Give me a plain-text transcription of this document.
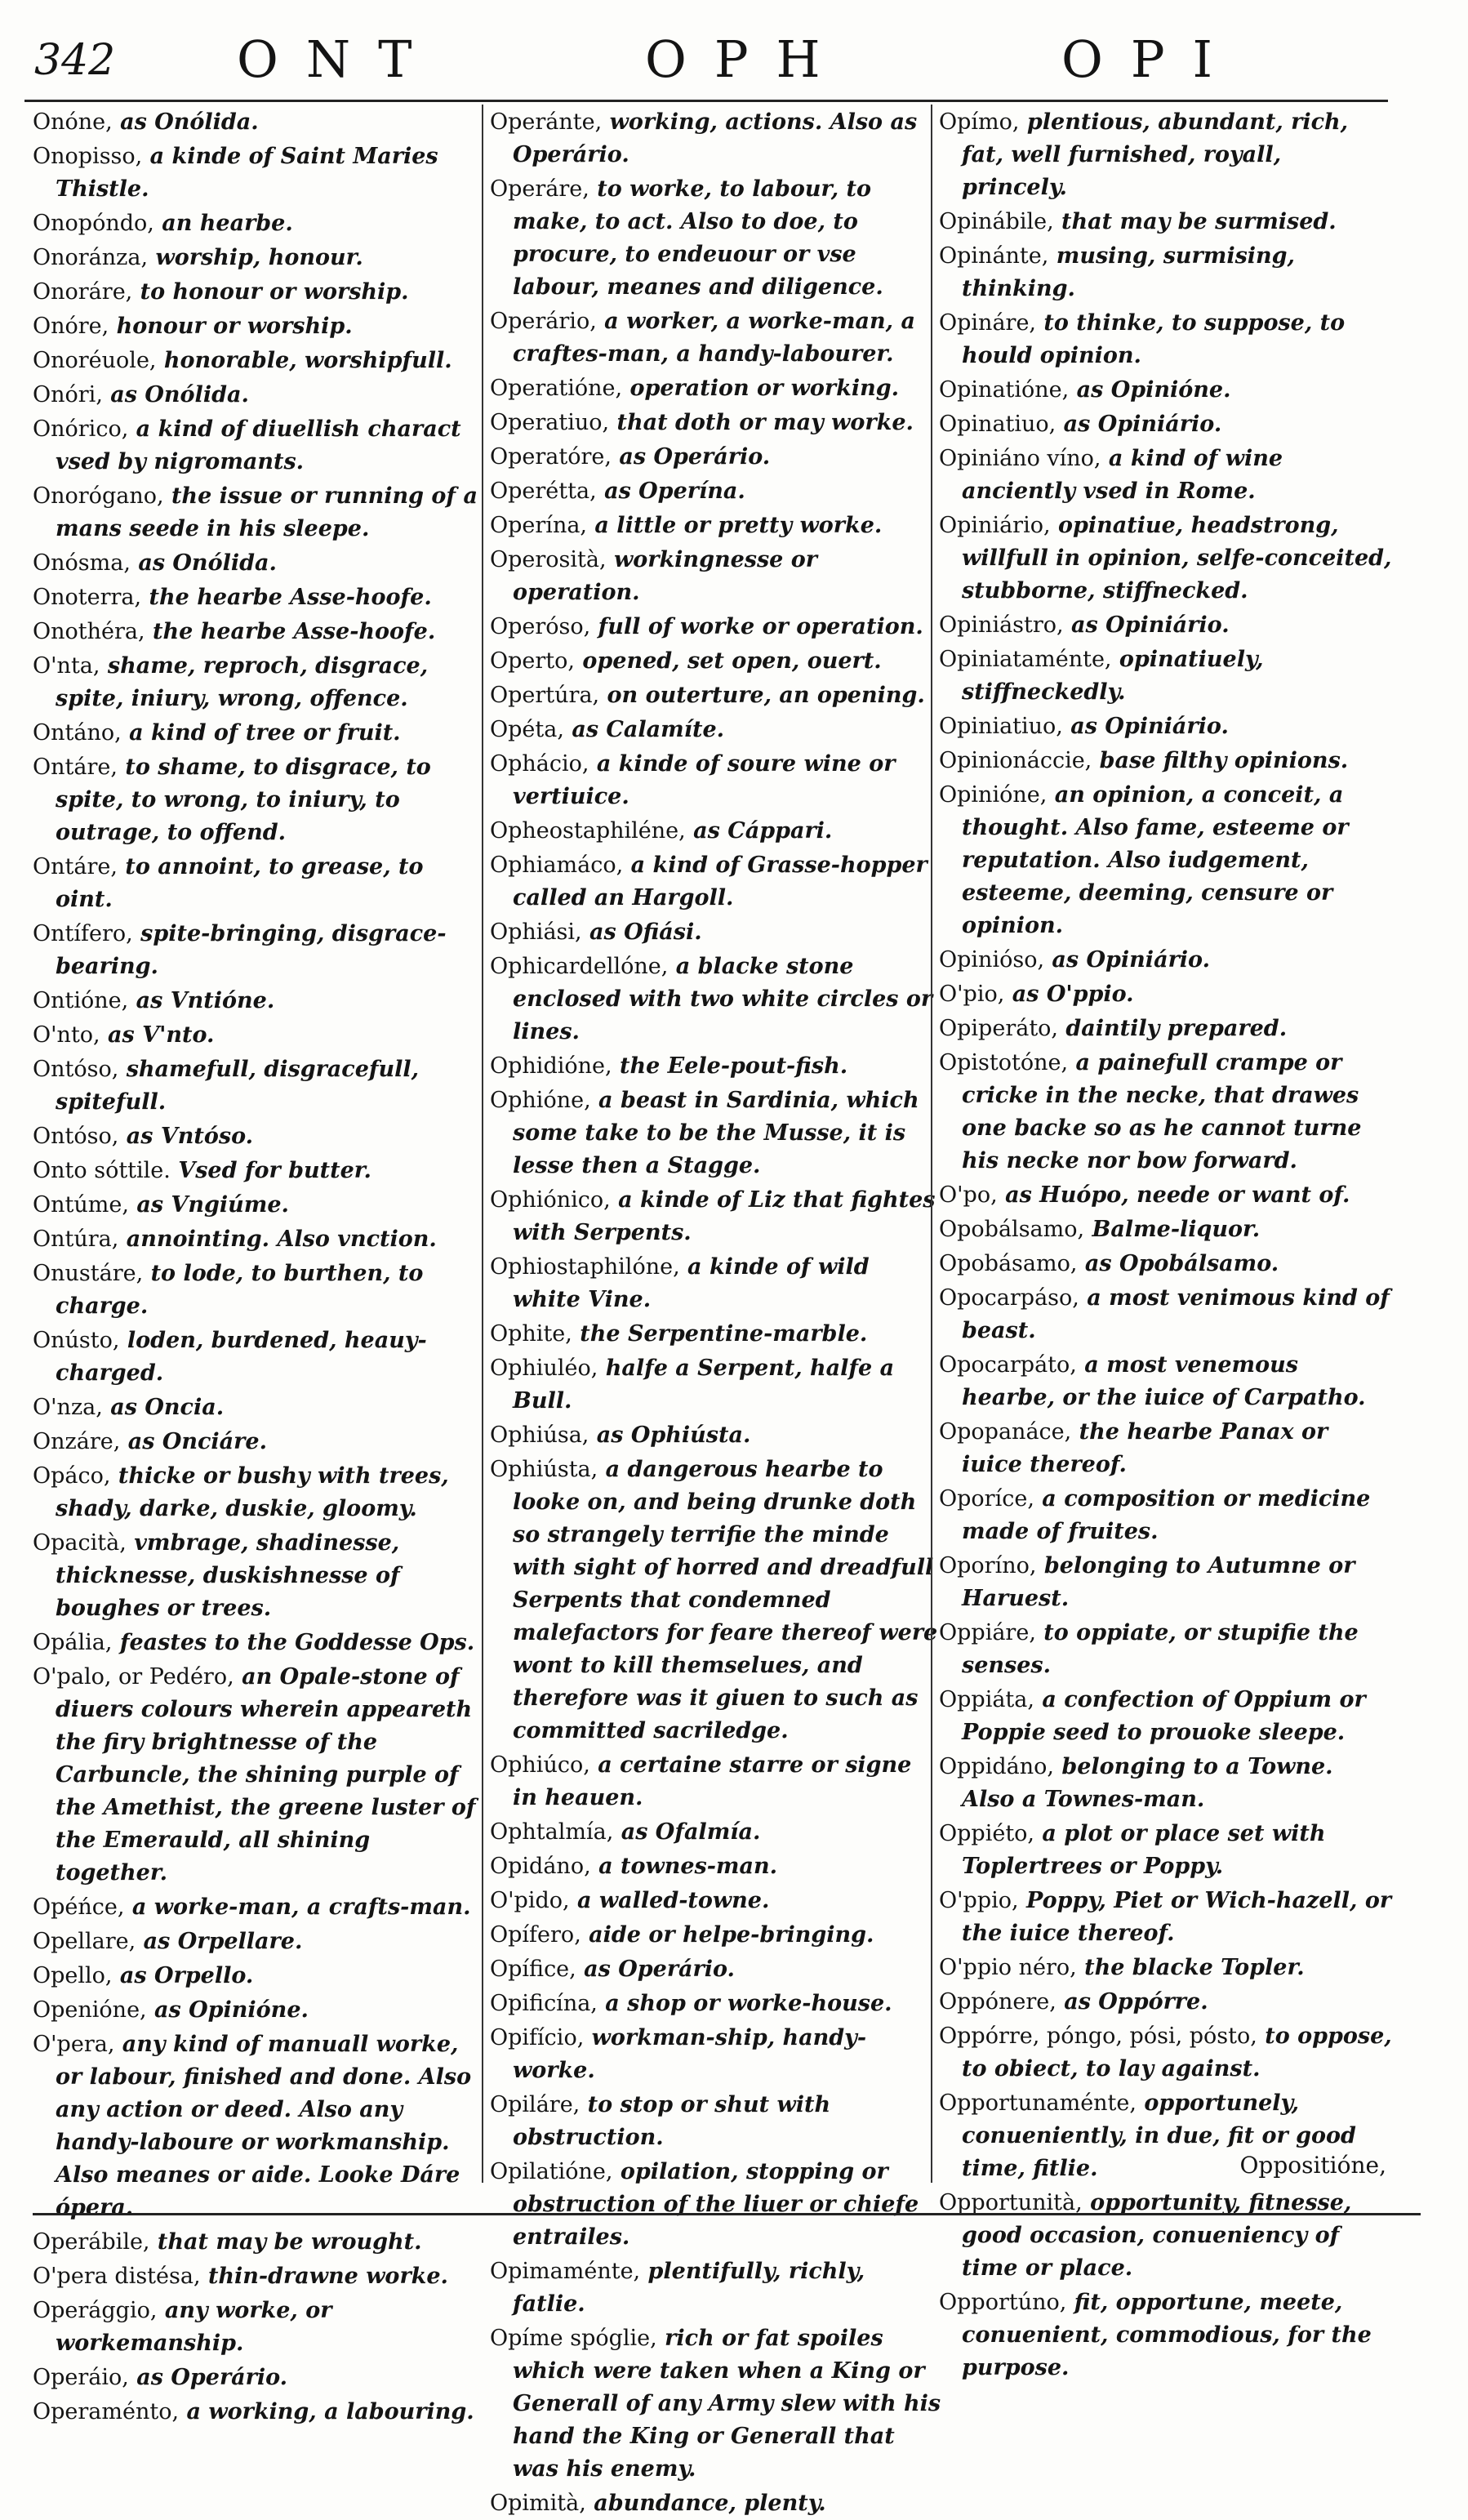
342 ONT	OPH	OPI
Onóne, as Onólida.
Onopisso, a kinde of Saint Maries Thistle.
Onopóndo, an hearbe.
Onoránza, worship, honour.
Onoráre, to honour or worship.
Onóre, honour or worship.
Onoréuole, honorable, worshipfull.
Onóri, as Onólida.
Onórico, a kind of diuellish charact vsed by nigromants.
Onorógano, the issue or running of a mans seede in his sleepe.
Onósma, as Onólida.
Onoterra, the hearbe Asse-hoofe.
Onothéra, the hearbe Asse-hoofe.
O'nta, shame, reproch, disgrace, spite, iniury, wrong, offence.
Ontáno, a kind of tree or fruit.
Ontáre, to shame, to disgrace, to spite, to wrong, to iniury, to outrage, to offend.
Ontáre, to annoint, to grease, to oint.
Ontífero, spite-bringing, disgrace-bearing.
Ontióne, as Vntióne.
O'nto, as V'nto.
Ontóso, shamefull, disgracefull, spitefull.
Ontóso, as Vntóso.
Onto sóttile. Vsed for butter.
Ontúme, as Vngiúme.
Ontúra, annointing. Also vnction.
Onustáre, to lode, to burthen, to charge.
Onústo, loden, burdened, heauy-charged.
O'nza, as Oncia.
Onzáre, as Onciáre.
Opáco, thicke or bushy with trees, shady, darke, duskie, gloomy.
Opacità, vmbrage, shadinesse, thicknesse, duskishnesse of boughes or trees.
Opália, feastes to the Goddesse Ops.
O'palo, or Pedéro, an Opale-stone of diuers colours wherein appeareth the firy brightnesse of the Carbuncle, the shining purple of the Amethist, the greene luster of the Emerauld, all shining together.
Opéńce, a worke-man, a crafts-man.
Opellare, as Orpellare.
Opello, as Orpello.
Openióne, as Opinióne.
O'pera, any kind of manuall worke, or labour, finished and done. Also any action or deed. Also any handy-laboure or workmanship. Also meanes or aide. Looke Dáre ópera.
Operábile, that may be wrought.
O'pera distésa, thin-drawne worke.
Operággio, any worke, or workemanship.
Operáio, as Operário.
Operaménto, a working, a labouring.
Operánte, working, actions. Also as Operário.
Operáre, to worke, to labour, to make, to act. Also to doe, to procure, to endeuour or vse labour, meanes and diligence.
Operário, a worker, a worke-man, a craftes-man, a handy-labourer.
Operatióne, operation or working.
Operatiuo, that doth or may worke.
Operatóre, as Operário.
Operétta, as Operína.
Operína, a little or pretty worke.
Operosità, workingnesse or operation.
Operóso, full of worke or operation.
Operto, opened, set open, ouert.
Opertúra, on outerture, an opening.
Opéta, as Calamíte.
Ophácio, a kinde of soure wine or vertiuice.
Opheostaphiléne, as Cáppari.
Ophiamáco, a kind of Grasse-hopper called an Hargoll.
Ophiási, as Ofiási.
Ophicardellóne, a blacke stone enclosed with two white circles or lines.
Ophidióne, the Eele-pout-fish.
Ophióne, a beast in Sardinia, which some take to be the Musse, it is lesse then a Stagge.
Ophiónico, a kinde of Liz that fightes with Serpents.
Ophiostaphilóne, a kinde of wild white Vine.
Ophite, the Serpentine-marble.
Ophiuléo, halfe a Serpent, halfe a Bull.
Ophiúsa, as Ophiústa.
Ophiústa, a dangerous hearbe to looke on, and being drunke doth so strangely terrifie the minde with sight of horred and dreadfull Serpents that condemned malefactors for feare thereof were wont to kill themselues, and therefore was it giuen to such as committed sacriledge.
Ophiúco, a certaine starre or signe in heauen.
Ophtalmía, as Ofalmía.
Opidáno, a townes-man.
O'pido, a walled-towne.
Opífero, aide or helpe-bringing.
Opífice, as Operário.
Opificína, a shop or worke-house.
Opifício, workman-ship, handy-worke.
Opiláre, to stop or shut with obstruction.
Opilatióne, opilation, stopping or obstruction of the liuer or chiefe entrailes.
Opimaménte, plentifully, richly, fatlie.
Opíme spóglie, rich or fat spoiles which were taken when a King or Generall of any Army slew with his hand the King or Generall that was his enemy.
Opimità, abundance, plenty.
Opímo, plentious, abundant, rich, fat, well furnished, royall, princely.
Opinábile, that may be surmised.
Opinánte, musing, surmising, thinking.
Opináre, to thinke, to suppose, to hould opinion.
Opinatióne, as Opinióne.
Opinatiuo, as Opiniário.
Opiniáno víno, a kind of wine anciently vsed in Rome.
Opiniário, opinatiue, headstrong, willfull in opinion, selfe-conceited, stubborne, stiffnecked.
Opiniástro, as Opiniário.
Opiniataménte, opinatiuely, stiffneckedly.
Opiniatiuo, as Opiniário.
Opinionáccie, base filthy opinions.
Opinióne, an opinion, a conceit, a thought. Also fame, esteeme or reputation. Also iudgement, esteeme, deeming, censure or opinion.
Opinióso, as Opiniário.
O'pio, as O'ppio.
Opiperáto, daintily prepared.
Opistotóne, a painefull crampe or cricke in the necke, that drawes one backe so as he cannot turne his necke nor bow forward.
O'po, as Huópo, neede or want of.
Opobálsamo, Balme-liquor.
Opobásamo, as Opobálsamo.
Opocarpáso, a most venimous kind of beast.
Opocarpáto, a most venemous hearbe, or the iuice of Carpatho.
Opopanáce, the hearbe Panax or iuice thereof.
Oporíce, a composition or medicine made of fruites.
Oporíno, belonging to Autumne or Haruest.
Oppiáre, to oppiate, or stupifie the senses.
Oppiáta, a confection of Oppium or Poppie seed to prouoke sleepe.
Oppidáno, belonging to a Towne. Also a Townes-man.
Oppiéto, a plot or place set with Toplertrees or Poppy.
O'ppio, Poppy, Piet or Wich-hazell, or the iuice thereof.
O'ppio néro, the blacke Topler.
Oppónere, as Oppórre.
Oppórre, póngo, pósi, pósto, to oppose, to obiect, to lay against.
Opportunaménte, opportunely, conueniently, in due, fit or good time, fitlie.
Opportunità, opportunity, fitnesse, good occasion, conueniency of time or place.
Opportúno, fit, opportune, meete, conuenient, commodious, for the purpose.
Oppositióne,
